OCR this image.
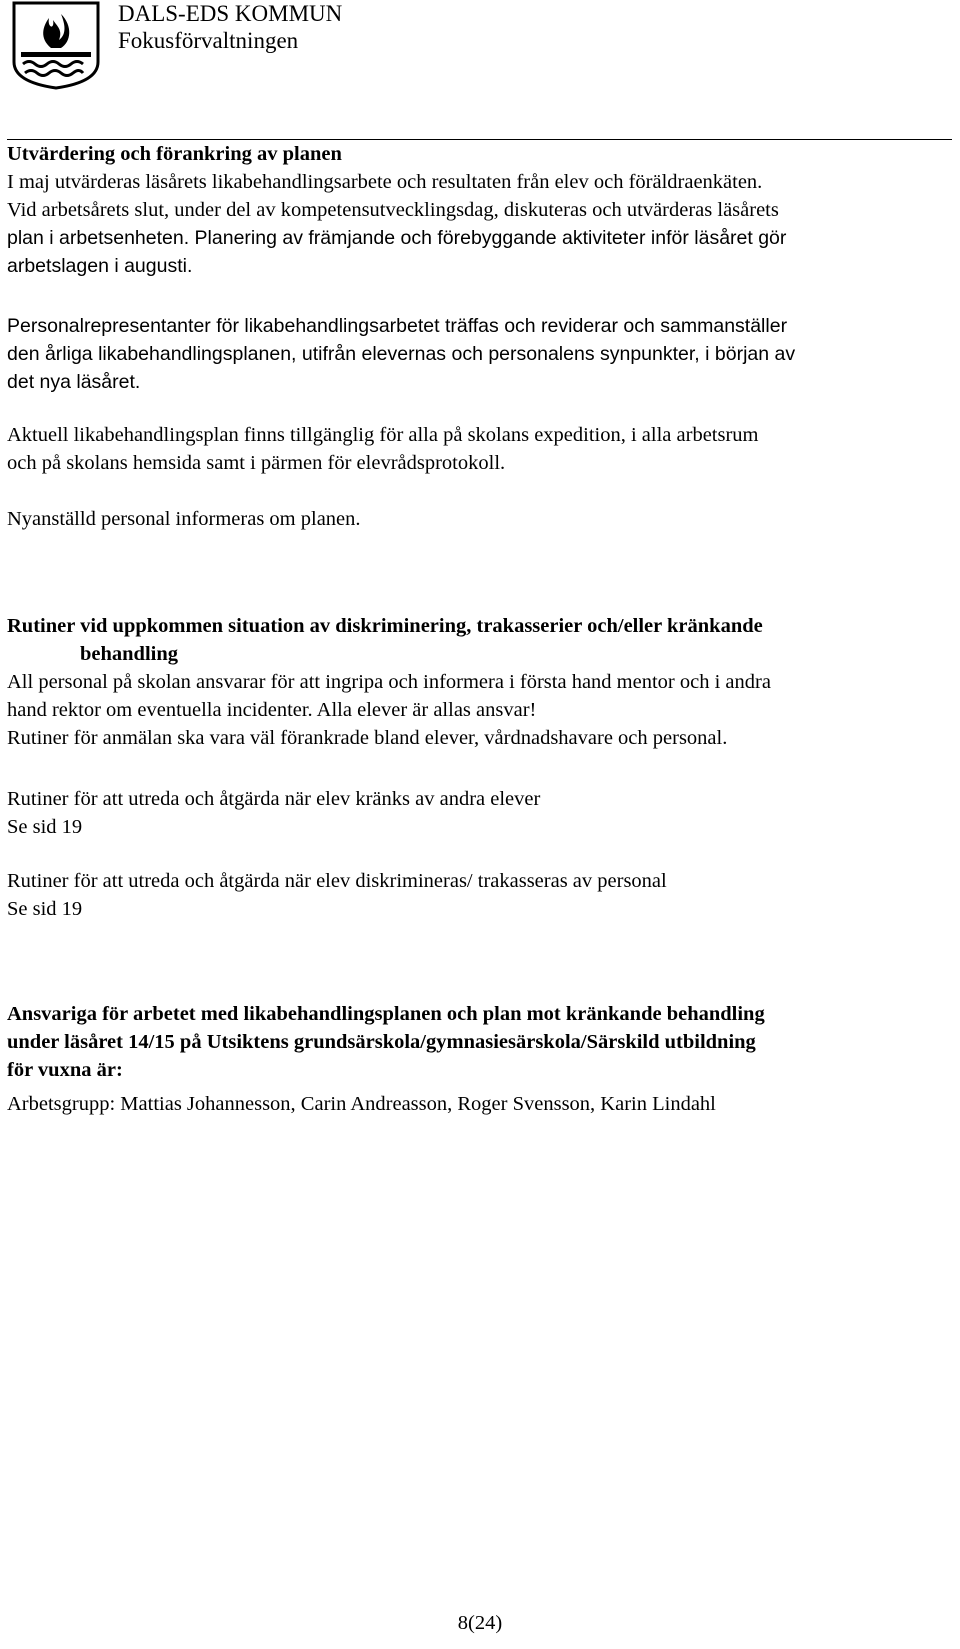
DALS-EDS KOMMUN
Fokusförvaltningen
Utvärdering och förankring av planen
I maj utvärderas läsårets likabehandlingsarbete och resultaten från elev och föräldraenkäten.
Vid arbetsårets slut, under del av kompetensutvecklingsdag, diskuteras och utvärderas läsårets
plan i arbetsenheten. Planering av främjande och förebyggande aktiviteter inför läsåret gör
arbetslagen i augusti.
Personalrepresentanter för likabehandlingsarbetet träffas och reviderar och sammanställer
den årliga likabehandlingsplanen, utifrån elevernas och personalens synpunkter, i början av
det nya läsåret.
Aktuell likabehandlingsplan finns tillgänglig för alla på skolans expedition, i alla arbetsrum
och på skolans hemsida samt i pärmen för elevrådsprotokoll.
Nyanställd personal informeras om planen.
Rutiner vid uppkommen situation av diskriminering, trakasserier och/eller kränkande
behandling
All personal på skolan ansvarar för att ingripa och informera i första hand mentor och i andra
hand rektor om eventuella incidenter. Alla elever är allas ansvar!
Rutiner för anmälan ska vara väl förankrade bland elever, vårdnadshavare och personal.
Rutiner för att utreda och åtgärda när elev kränks av andra elever
Se sid 19
Rutiner för att utreda och åtgärda när elev diskrimineras/ trakasseras av personal
Se sid 19
Ansvariga för arbetet med likabehandlingsplanen och plan mot kränkande behandling
under läsåret 14/15 på Utsiktens grundsärskola/gymnasiesärskola/Särskild utbildning
för vuxna är:
Arbetsgrupp: Mattias Johannesson, Carin Andreasson, Roger Svensson, Karin Lindahl
8(24)
